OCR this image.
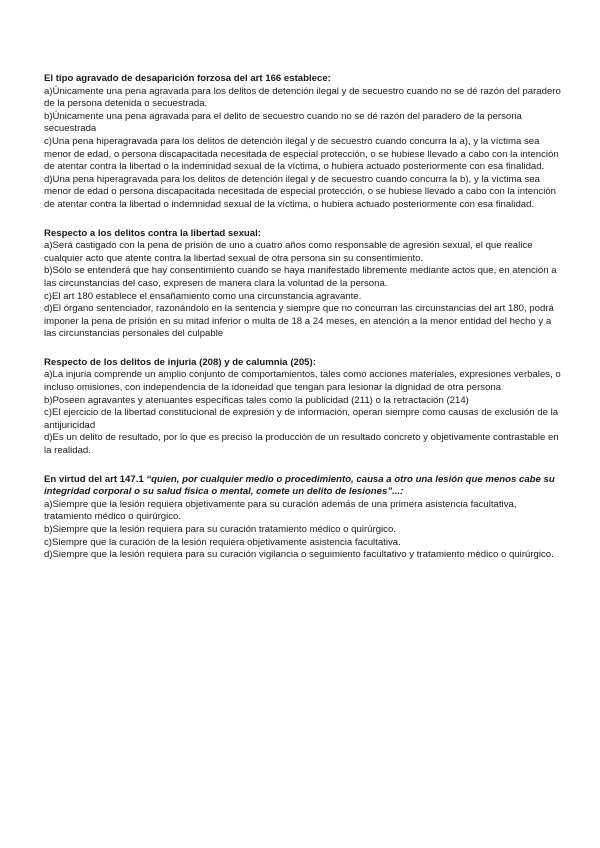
El tipo agravado de desaparición forzosa del art 166 establece:

a)Únicamente una pena agravada para los delitos de detención ilegal y de secuestro cuando no se dé razón del paradero de la persona detenida o secuestrada.

b)Únicamente una pena agravada para el delito de secuestro cuando no se dé razón del paradero de la persona secuestrada

c)Una pena hiperagravada para los delitos de detención ilegal y de secuestro cuando concurra la a), y la víctima sea menor de edad, o persona discapacitada necesitada de especial protección, o se hubiese llevado a cabo con la intención de atentar contra la libertad o la indemnidad sexual de la víctima, o hubiera actuado posteriormente con esa finalidad.

d)Una pena hiperagravada para los delitos de detención ilegal y de secuestro cuando concurra la b), y la víctima sea menor de edad o persona discapacitada necesitada de especial protección, o se hubiese llevado a cabo con la intención de atentar contra la libertad o indemnidad sexual de la víctima, o hubiera actuado posteriormente con esa finalidad.

Respecto a los delitos contra la libertad sexual:

a)Será castigado con la pena de prisión de uno a cuatro años como responsable de agresión sexual, el que realice cualquier acto que atente contra la libertad sexual de otra persona sin su consentimiento.

b)Sólo se entenderá que hay consentimiento cuando se haya manifestado libremente mediante actos que, en atención a las circunstancias del caso, expresen de manera clara la voluntad de la persona.

c)El art 180 establece el ensañamiento como una circunstancia agravante.

d)El órgano sentenciador, razonándolo en la sentencia y siempre que no concurran las circunstancias del art 180, podrá imponer la pena de prisión en su mitad inferior o multa de 18 a 24 meses, en atención a la menor entidad del hecho y a las circunstancias personales del culpable

Respecto de los delitos de injuria (208) y de calumnia (205):

a)La injuria comprende un amplio conjunto de comportamientos, tales como acciones materiales, expresiones verbales, o incluso omisiones, con independencia de la idoneidad que tengan para lesionar la dignidad de otra persona

b)Poseen agravantes y atenuantes específicas tales como la publicidad (211) o la retractación (214)

c)El ejercicio de la libertad constitucional de expresión y de información, operan siempre como causas de exclusión de la antijuricidad

d)Es un delito de resultado, por lo que es preciso la producción de un resultado concreto y objetivamente contrastable en la realidad.

En virtud del art 147.1 “quien, por cualquier medio o procedimiento, causa a otro una lesión que menos cabe su integridad corporal o su salud física o mental, comete un delito de lesiones”...:

a)Siempre que la lesión requiera objetivamente para su curación además de una primera asistencia facultativa, tratamiento médico o quirúrgico.

b)Siempre que la lesión requiera para su curación tratamiento médico o quirúrgico.

c)Siempre que la curación de la lesión requiera objetivamente asistencia facultativa.

d)Siempre que la lesión requiera para su curación vigilancia o seguimiento facultativo y tratamiento médico o quirúrgico.
